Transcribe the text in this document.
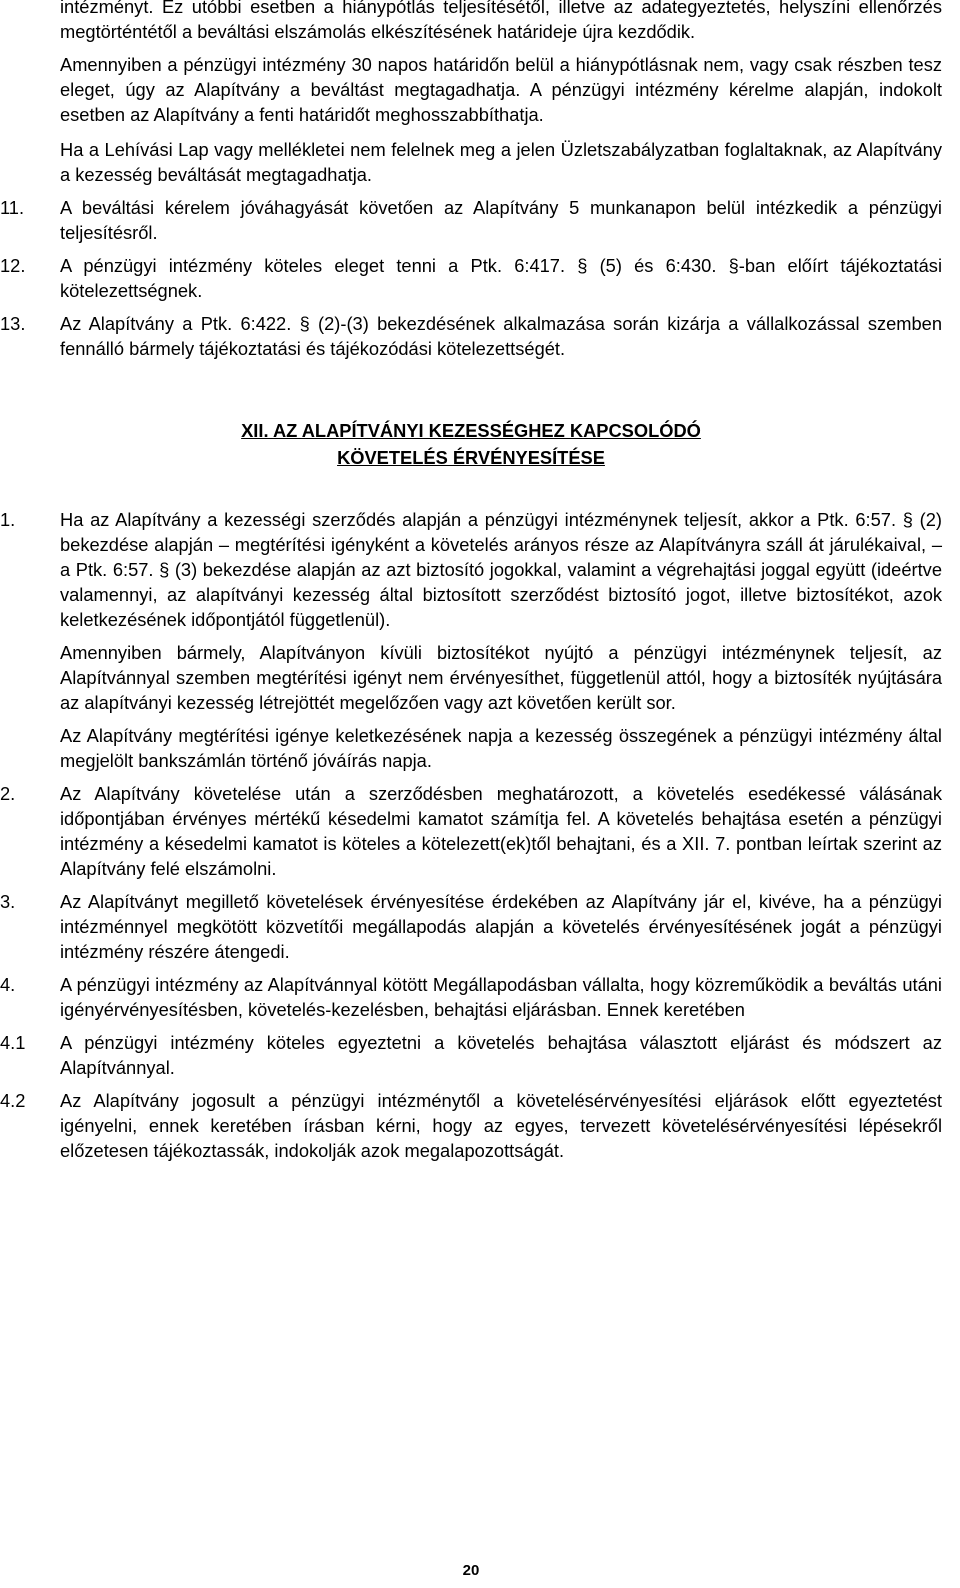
intézményt. Ez utóbbi esetben a hiánypótlás teljesítésétől, illetve az adategyeztetés, helyszíni ellenőrzés megtörténtétől a beváltási elszámolás elkészítésének határideje újra kezdődik.

Amennyiben a pénzügyi intézmény 30 napos határidőn belül a hiánypótlásnak nem, vagy csak részben tesz eleget, úgy az Alapítvány a beváltást megtagadhatja. A pénzügyi intézmény kérelme alapján, indokolt esetben az Alapítvány a fenti határidőt meghosszabbíthatja.

Ha a Lehívási Lap vagy mellékletei nem felelnek meg a jelen Üzletszabályzatban foglaltaknak, az Alapítvány a kezesség beváltását megtagadhatja.

11.	A beváltási kérelem jóváhagyását követően az Alapítvány 5 munkanapon belül intézkedik a pénzügyi teljesítésről.
12.	A pénzügyi intézmény köteles eleget tenni a Ptk. 6:417. § (5) és 6:430. §-ban előírt tájékoztatási kötelezettségnek.
13.	Az Alapítvány a Ptk. 6:422. § (2)-(3) bekezdésének alkalmazása során kizárja a vállalkozással szemben fennálló bármely tájékoztatási és tájékozódási kötelezettségét.

XII. AZ ALAPÍTVÁNYI KEZESSÉGHEZ KAPCSOLÓDÓ

KÖVETELÉS ÉRVÉNYESÍTÉSE

1.	Ha az Alapítvány a kezességi szerződés alapján a pénzügyi intézménynek teljesít, akkor a Ptk. 6:57. § (2) bekezdése alapján – megtérítési igényként a követelés arányos része az Alapítványra száll át járulékaival, – a Ptk. 6:57. § (3) bekezdése alapján az azt biztosító jogokkal, valamint a végrehajtási joggal együtt (ideértve valamennyi, az alapítványi kezesség által biztosított szerződést biztosító jogot, illetve biztosítékot, azok keletkezésének időpontjától függetlenül).

Amennyiben bármely, Alapítványon kívüli biztosítékot nyújtó a pénzügyi intézménynek teljesít, az Alapítvánnyal szemben megtérítési igényt nem érvényesíthet, függetlenül attól, hogy a biztosíték nyújtására az alapítványi kezesség létrejöttét megelőzően vagy azt követően került sor.

Az Alapítvány megtérítési igénye keletkezésének napja a kezesség összegének a pénzügyi intézmény által megjelölt bankszámlán történő jóváírás napja.

2.	Az Alapítvány követelése után a szerződésben meghatározott, a követelés esedékessé válásának időpontjában érvényes mértékű késedelmi kamatot számítja fel. A követelés behajtása esetén a pénzügyi intézmény a késedelmi kamatot is köteles a kötelezett(ek)től behajtani, és a XII. 7. pontban leírtak szerint az Alapítvány felé elszámolni.
3.	Az Alapítványt megillető követelések érvényesítése érdekében az Alapítvány jár el, kivéve, ha a pénzügyi intézménnyel megkötött közvetítői megállapodás alapján a követelés érvényesítésének jogát a pénzügyi intézmény részére átengedi.
4.	A pénzügyi intézmény az Alapítvánnyal kötött Megállapodásban vállalta, hogy közreműködik a beváltás utáni igényérvényesítésben, követelés-kezelésben, behajtási eljárásban. Ennek keretében
4.1	A pénzügyi intézmény köteles egyeztetni a követelés behajtása választott eljárást és módszert az Alapítvánnyal.
4.2	Az Alapítvány jogosult a pénzügyi intézménytől a követelésérvényesítési eljárások előtt egyeztetést igényelni, ennek keretében írásban kérni, hogy az egyes, tervezett követelésérvényesítési lépésekről előzetesen tájékoztassák, indokolják azok megalapozottságát.
20
